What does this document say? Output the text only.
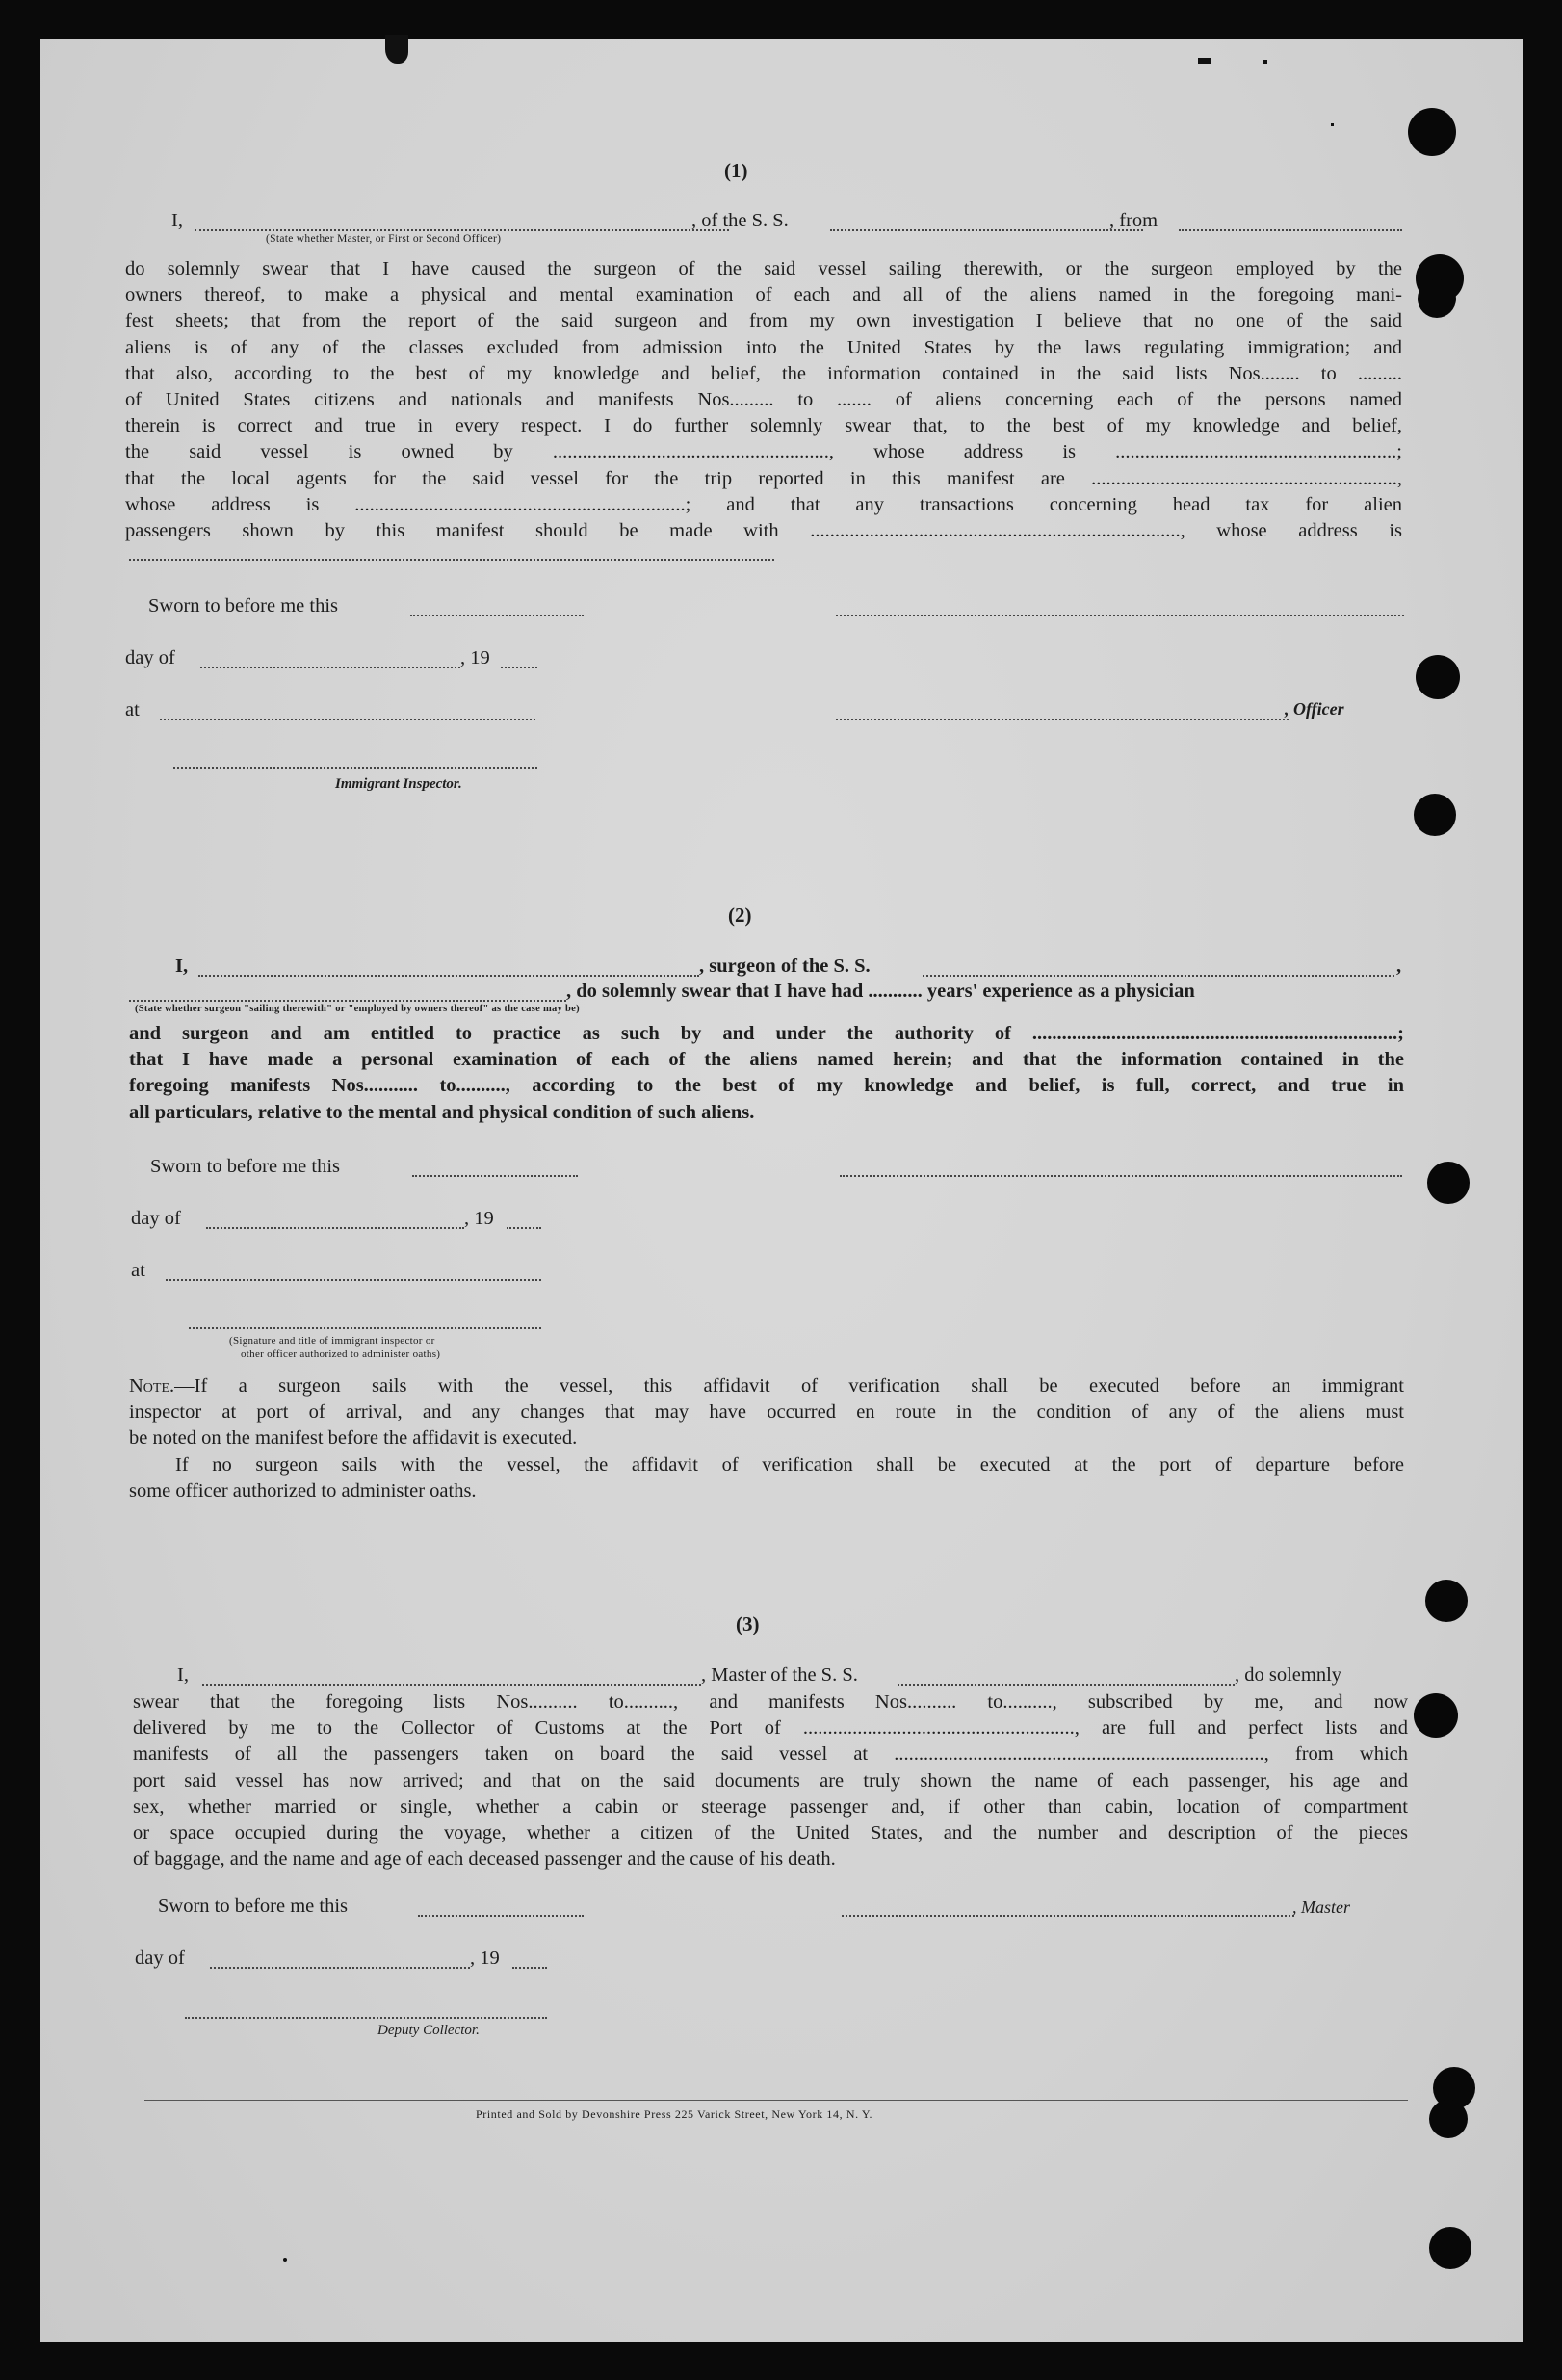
(1)
I,	, of the S. S.	, from
(State whether Master, or First or Second Officer)
do solemnly swear that I have caused the surgeon of the said vessel sailing therewith, or the surgeon employed by the
owners thereof, to make a physical and mental examination of each and all of the aliens named in the foregoing mani-
fest sheets; that from the report of the said surgeon and from my own investigation I believe that no one of the said
aliens is of any of the classes excluded from admission into the United States by the laws regulating immigration; and
that also, according to the best of my knowledge and belief, the information contained in the said lists Nos........ to .........
of United States citizens and nationals and manifests Nos......... to ....... of aliens concerning each of the persons named
therein is correct and true in every respect. I do further solemnly swear that, to the best of my knowledge and belief,
the said vessel is owned by ........................................................, whose address is .........................................................;
that the local agents for the said vessel for the trip reported in this manifest are ..............................................................,
whose address is ...................................................................; and that any transactions concerning head tax for alien
passengers shown by this manifest should be made with ..........................................................................., whose address is
Sworn to before me this
day of	, 19
at	, Officer
Immigrant Inspector.
(2)
I,	, surgeon of the S. S.	,
, do solemnly swear that I have had ........... years' experience as a physician
(State whether surgeon "sailing therewith" or "employed by owners thereof" as the case may be)
and surgeon and am entitled to practice as such by and under the authority of ..........................................................................;
that I have made a personal examination of each of the aliens named herein; and that the information contained in the
foregoing manifests Nos........... to.........., according to the best of my knowledge and belief, is full, correct, and true in
all particulars, relative to the mental and physical condition of such aliens.
Sworn to before me this
day of	, 19
at
(Signature and title of immigrant inspector or
other officer authorized to administer oaths)
Note.—If a surgeon sails with the vessel, this affidavit of verification shall be executed before an immigrant
inspector at port of arrival, and any changes that may have occurred en route in the condition of any of the aliens must
be noted on the manifest before the affidavit is executed.
If no surgeon sails with the vessel, the affidavit of verification shall be executed at the port of departure before
some officer authorized to administer oaths.
(3)
I,	, Master of the S. S.	, do solemnly
swear that the foregoing lists Nos.......... to.........., and manifests Nos.......... to.........., subscribed by me, and now
delivered by me to the Collector of Customs at the Port of ......................................................., are full and perfect lists and
manifests of all the passengers taken on board the said vessel at ..........................................................................., from which
port said vessel has now arrived; and that on the said documents are truly shown the name of each passenger, his age and
sex, whether married or single, whether a cabin or steerage passenger and, if other than cabin, location of compartment
or space occupied during the voyage, whether a citizen of the United States, and the number and description of the pieces
of baggage, and the name and age of each deceased passenger and the cause of his death.
Sworn to before me this	, Master
day of	, 19
Deputy Collector.
Printed and Sold by Devonshire Press 225 Varick Street, New York 14, N. Y.
